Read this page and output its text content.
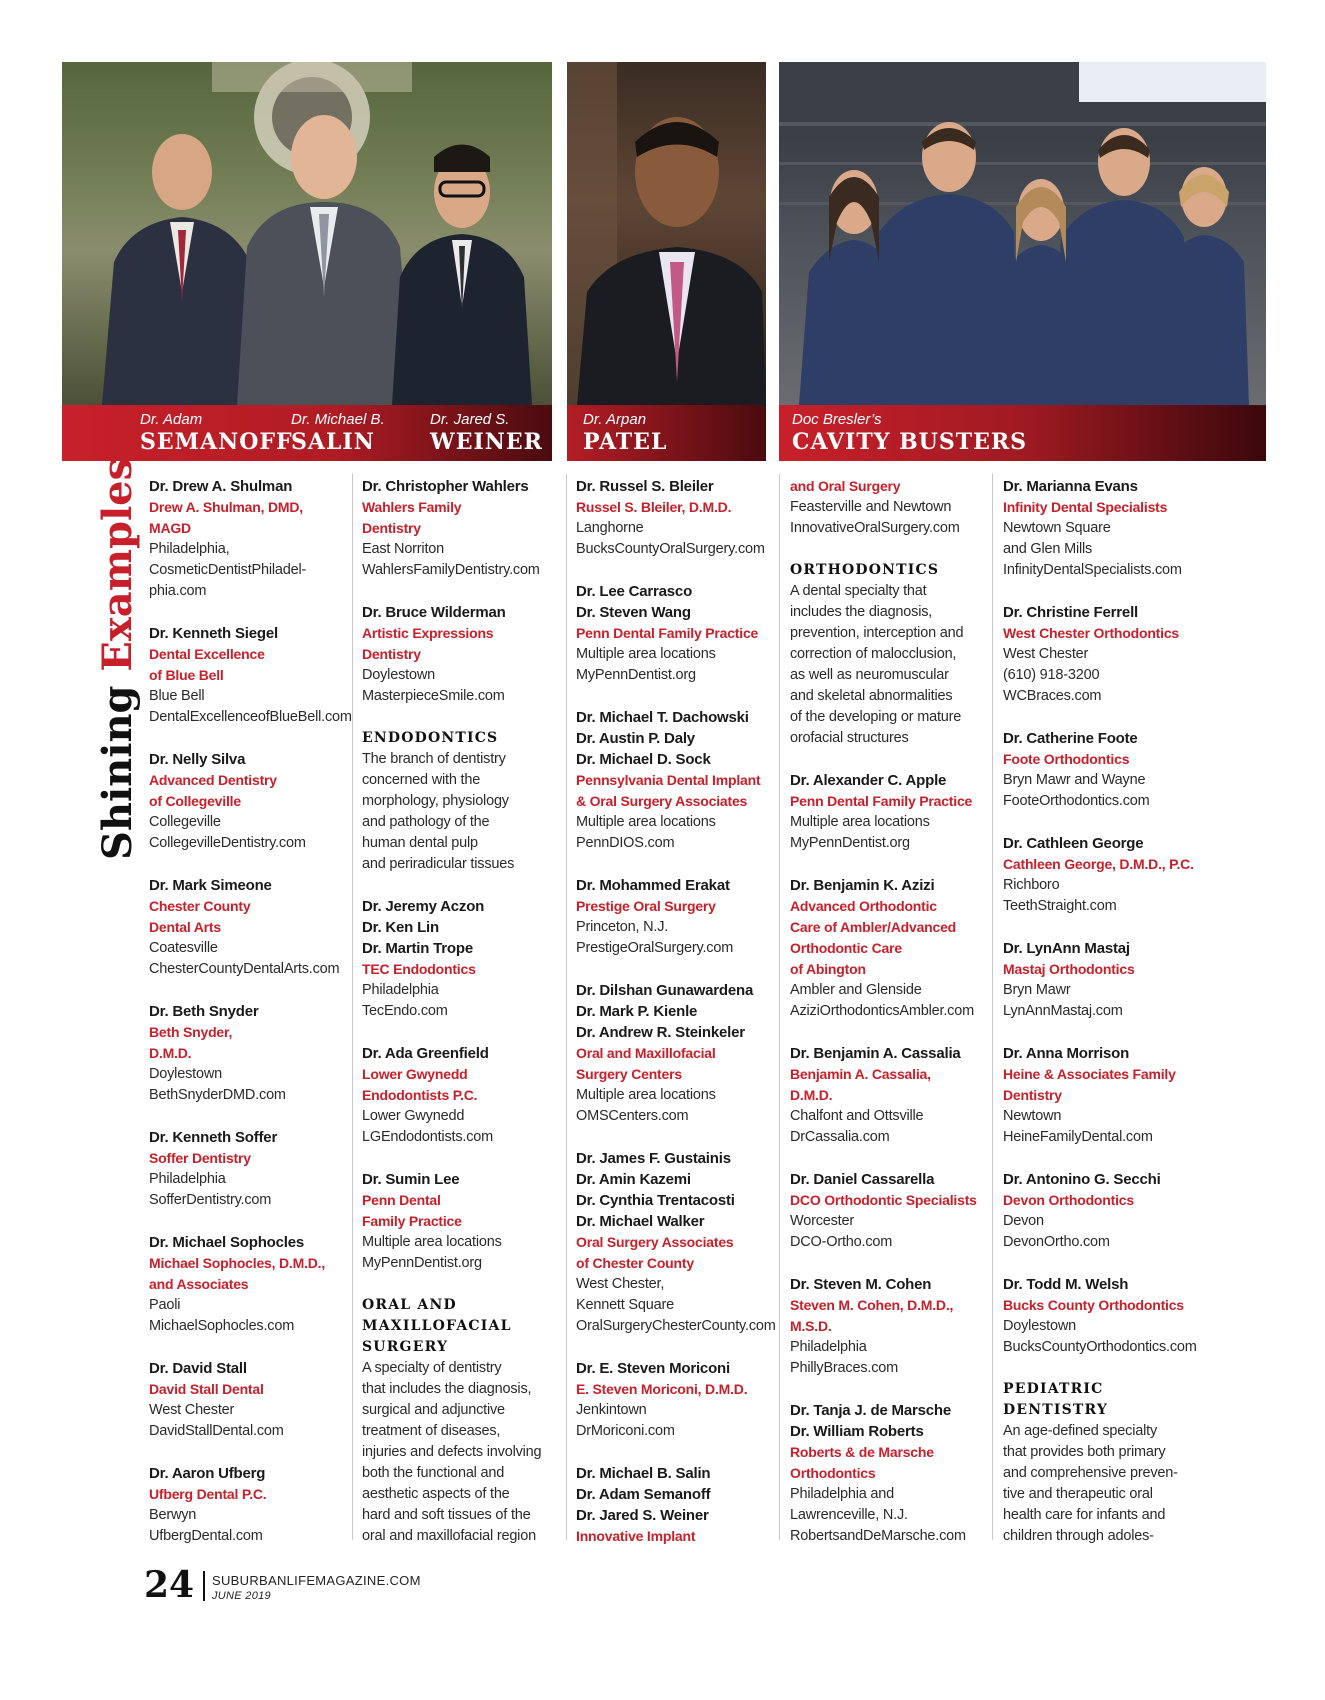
Dr. Adam
SEMANOFF
Dr. Michael B.
SALIN
Dr. Jared S.
WEINER
Dr. Arpan
PATEL
Doc Bresler’s
CAVITY BUSTERS
Shining Examples Dr. Drew A. Shulman
Drew A. Shulman, DMD,
MAGD
Philadelphia,
CosmeticDentistPhiladel-
phia.com
Dr. Kenneth Siegel
Dental Excellence
of Blue Bell
Blue Bell
DentalExcellenceofBlueBell.com
Dr. Nelly Silva
Advanced Dentistry
of Collegeville
Collegeville
CollegevilleDentistry.com
Dr. Mark Simeone
Chester County
Dental Arts
Coatesville
ChesterCountyDentalArts.com
Dr. Beth Snyder
Beth Snyder,
D.M.D.
Doylestown
BethSnyderDMD.com
Dr. Kenneth Soffer
Soffer Dentistry
Philadelphia
SofferDentistry.com
Dr. Michael Sophocles
Michael Sophocles, D.M.D.,
and Associates
Paoli
MichaelSophocles.com
Dr. David Stall
David Stall Dental
West Chester
DavidStallDental.com
Dr. Aaron Ufberg
Ufberg Dental P.C.
Berwyn
UfbergDental.com
Dr. Christopher Wahlers
Wahlers Family
Dentistry
East Norriton
WahlersFamilyDentistry.com
Dr. Bruce Wilderman
Artistic Expressions
Dentistry
Doylestown
MasterpieceSmile.com
ENDODONTICS
The branch of dentistry
concerned with the
morphology, physiology
and pathology of the
human dental pulp
and periradicular tissues
Dr. Jeremy Aczon
Dr. Ken Lin
Dr. Martin Trope
TEC Endodontics
Philadelphia
TecEndo.com
Dr. Ada Greenfield
Lower Gwynedd
Endodontists P.C.
Lower Gwynedd
LGEndodontists.com
Dr. Sumin Lee
Penn Dental
Family Practice
Multiple area locations
MyPennDentist.org
ORAL AND
MAXILLOFACIAL
SURGERY
A specialty of dentistry
that includes the diagnosis,
surgical and adjunctive
treatment of diseases,
injuries and defects involving
both the functional and
aesthetic aspects of the
hard and soft tissues of the
oral and maxillofacial region
Dr. Russel S. Bleiler
Russel S. Bleiler, D.M.D.
Langhorne
BucksCountyOralSurgery.com
Dr. Lee Carrasco
Dr. Steven Wang
Penn Dental Family Practice
Multiple area locations
MyPennDentist.org
Dr. Michael T. Dachowski
Dr. Austin P. Daly
Dr. Michael D. Sock
Pennsylvania Dental Implant
& Oral Surgery Associates
Multiple area locations
PennDIOS.com
Dr. Mohammed Erakat
Prestige Oral Surgery
Princeton, N.J.
PrestigeOralSurgery.com
Dr. Dilshan Gunawardena
Dr. Mark P. Kienle
Dr. Andrew R. Steinkeler
Oral and Maxillofacial
Surgery Centers
Multiple area locations
OMSCenters.com
Dr. James F. Gustainis
Dr. Amin Kazemi
Dr. Cynthia Trentacosti
Dr. Michael Walker
Oral Surgery Associates
of Chester County
West Chester,
Kennett Square
OralSurgeryChesterCounty.com
Dr. E. Steven Moriconi
E. Steven Moriconi, D.M.D.
Jenkintown
DrMoriconi.com
Dr. Michael B. Salin
Dr. Adam Semanoff
Dr. Jared S. Weiner
Innovative Implant
and Oral Surgery
Feasterville and Newtown
InnovativeOralSurgery.com
ORTHODONTICS
A dental specialty that
includes the diagnosis,
prevention, interception and
correction of malocclusion,
as well as neuromuscular
and skeletal abnormalities
of the developing or mature
orofacial structures
Dr. Alexander C. Apple
Penn Dental Family Practice
Multiple area locations
MyPennDentist.org
Dr. Benjamin K. Azizi
Advanced Orthodontic
Care of Ambler/Advanced
Orthodontic Care
of Abington
Ambler and Glenside
AziziOrthodonticsAmbler.com
Dr. Benjamin A. Cassalia
Benjamin A. Cassalia,
D.M.D.
Chalfont and Ottsville
DrCassalia.com
Dr. Daniel Cassarella
DCO Orthodontic Specialists
Worcester
DCO-Ortho.com
Dr. Steven M. Cohen
Steven M. Cohen, D.M.D.,
M.S.D.
Philadelphia
PhillyBraces.com
Dr. Tanja J. de Marsche
Dr. William Roberts
Roberts & de Marsche
Orthodontics
Philadelphia and
Lawrenceville, N.J.
RobertsandDeMarsche.com
Dr. Marianna Evans
Infinity Dental Specialists
Newtown Square
and Glen Mills
InfinityDentalSpecialists.com
Dr. Christine Ferrell
West Chester Orthodontics
West Chester
(610) 918-3200
WCBraces.com
Dr. Catherine Foote
Foote Orthodontics
Bryn Mawr and Wayne
FooteOrthodontics.com
Dr. Cathleen George
Cathleen George, D.M.D., P.C.
Richboro
TeethStraight.com
Dr. LynAnn Mastaj
Mastaj Orthodontics
Bryn Mawr
LynAnnMastaj.com
Dr. Anna Morrison
Heine & Associates Family
Dentistry
Newtown
HeineFamilyDental.com
Dr. Antonino G. Secchi
Devon Orthodontics
Devon
DevonOrtho.com
Dr. Todd M. Welsh
Bucks County Orthodontics
Doylestown
BucksCountyOrthodontics.com
PEDIATRIC
DENTISTRY
An age-defined specialty
that provides both primary
and comprehensive preven-
tive and therapeutic oral
health care for infants and
children through adoles-
24 SUBURBANLIFEMAGAZINE.COM
JUNE 2019
